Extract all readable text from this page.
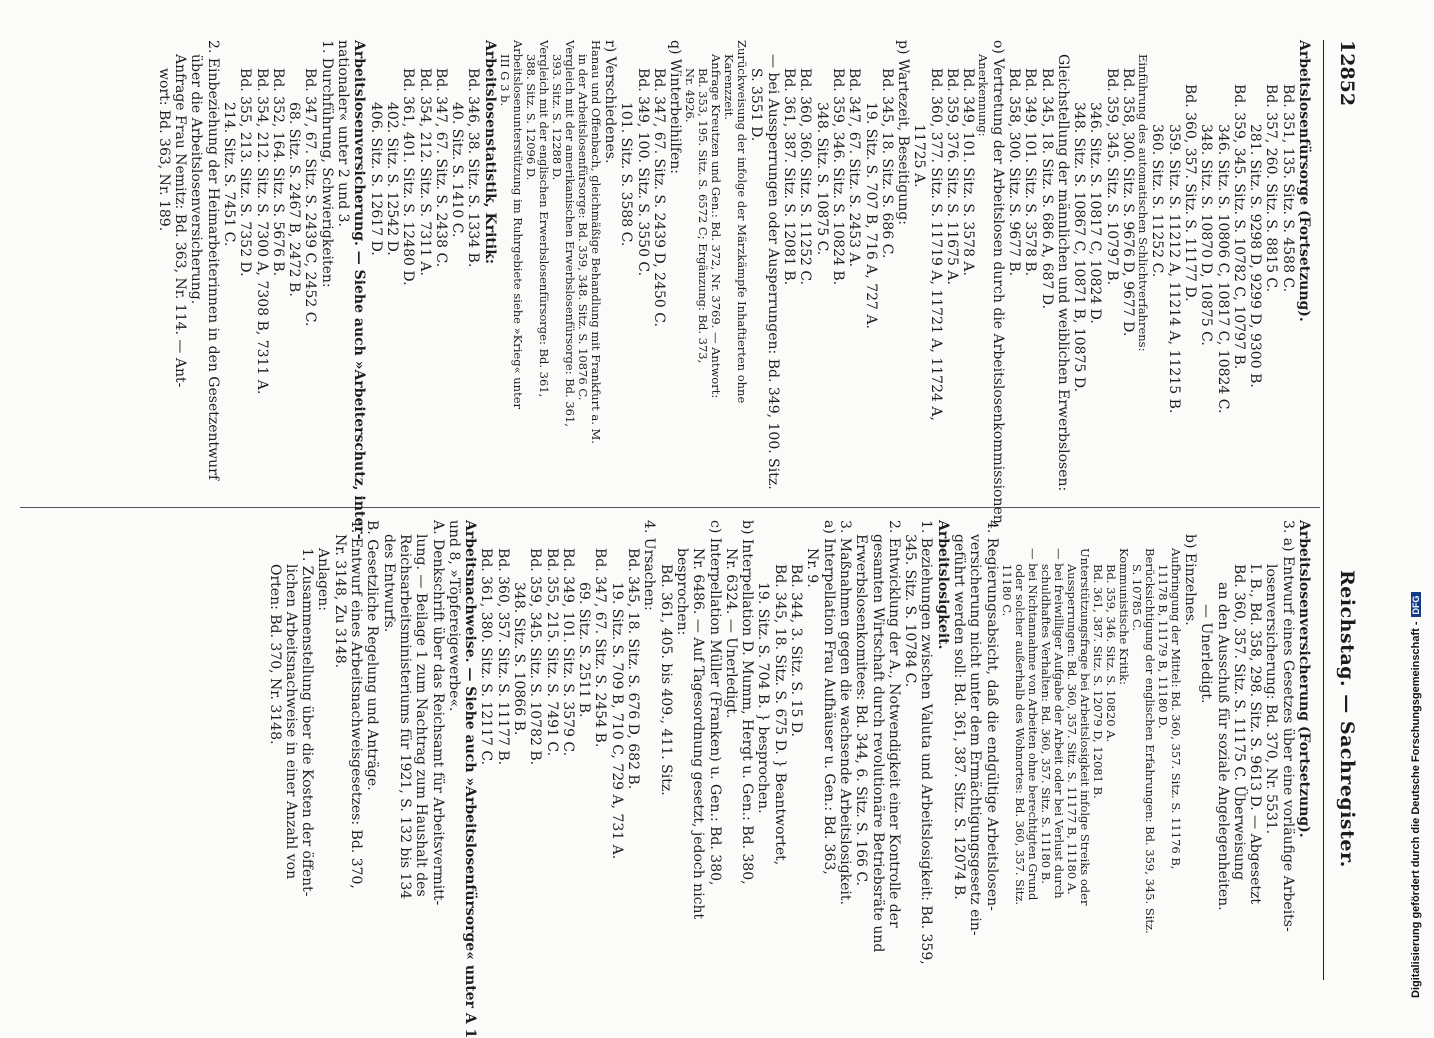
12852
Reichstag. — Sachregister.
Arbeitslosenfürsorge (Fortsetzung).
Bd. 351, 135. Sitz. S. 4588 C.
Bd. 357, 260. Sitz. S. 8815 C.
281. Sitz. S. 9298 D, 9299 D, 9300 B.
Bd. 359, 345. Sitz. S. 10782 C, 10797 B.
346. Sitz. S. 10806 C, 10817 C, 10824 C.
348. Sitz. S. 10870 D, 10875 C.
Bd. 360, 357. Sitz. S. 11177 D.
359. Sitz. S. 11212 A, 11214 A, 11215 B.
360. Sitz. S. 11252 C.
Einführung des automatischen Schlichtverfahrens:
Bd. 358, 300. Sitz. S. 9676 D, 9677 D.
Bd. 359, 345. Sitz. S. 10797 B.
346. Sitz. S. 10817 C, 10824 D.
348. Sitz. S. 10867 C, 10871 B, 10875 D.
Gleichstellung der männlichen und weiblichen Erwerbslosen:
Bd. 345, 18. Sitz. S. 686 A, 687 D.
Bd. 349, 101. Sitz. S. 3578 B.
Bd. 358, 300. Sitz. S. 9677 B.
o) Vertretung der Arbeitslosen durch die Arbeitslosenkommissionen,
Anerkennung:
Bd. 349, 101. Sitz. S. 3578 A.
Bd. 359, 376. Sitz. S. 11675 A.
Bd. 360, 377. Sitz. S. 11719 A, 11721 A, 11724 A,
11725 A.
p) Wartezeit, Beseitigung:
Bd. 345, 18. Sitz. S. 686 C.
19. Sitz. S. 707 B, 716 A, 727 A.
Bd. 347, 67. Sitz. S. 2453 A.
Bd. 359, 346. Sitz. S. 10824 B.
348. Sitz. S. 10875 C.
Bd. 360, 360. Sitz. S. 11252 C.
Bd. 361, 387. Sitz. S. 12081 B.
— bei Aussperrungen oder Ausperrungen: Bd. 349, 100. Sitz.
S. 3551 D.
Zurückweisung der infolge der Märzkämpfe Inhaftierten ohne
Karenzzeit.
Anfrage Kreutzen und Gen.: Bd. 372, Nr. 3769. — Antwort:
Bd. 353, 195. Sitz. S. 6572 C; Ergänzung: Bd. 373,
Nr. 4926.
q) Winterbeihilfen:
Bd. 347, 67. Sitz. S. 2439 D, 2450 C.
Bd. 349, 100. Sitz. S. 3550 C.
101. Sitz. S. 3588 C.
r) Verschiedenes.
Hanau und Offenbach, gleichmäßige Behandlung mit Frankfurt a. M.
in der Arbeitslosenfürsorge: Bd. 359, 348. Sitz. S. 10876 C.
Vergleich mit der amerikanischen Erwerbslosenfürsorge: Bd. 361,
393. Sitz. S. 12288 D.
Vergleich mit der englischen Erwerbslosenfürsorge: Bd. 361,
388. Sitz. S. 12096 D.
Arbeitslosenunterstützung im Ruhrgebiete siehe »Krieg« unter
III G 3 b.
Arbeitslosenstatistik, Kritik:
Bd. 346, 38. Sitz. S. 1334 B.
40. Sitz. S. 1410 C.
Bd. 347, 67. Sitz. S. 2438 C.
Bd. 354, 212. Sitz. S. 7311 A.
Bd. 361, 401. Sitz. S. 12480 D.
402. Sitz. S. 12542 D.
406. Sitz. S. 12617 D.
Arbeitslosenversicherung. — Siehe auch »Arbeiterschutz, inter-
nationaler« unter 2 und 3.
1. Durchführung, Schwierigkeiten:
Bd. 347, 67. Sitz. S. 2439 C, 2452 C.
68. Sitz. S. 2467 B, 2472 B.
Bd. 352, 164. Sitz. S. 5676 B.
Bd. 354, 212. Sitz. S. 7300 A, 7308 B, 7311 A.
Bd. 355, 213. Sitz. S. 7352 D.
214. Sitz. S. 7451 C.
2. Einbeziehung der Heimarbeiterinnen in den Gesetzentwurf
über die Arbeitslosenversicherung.
Anfrage Frau Nemitz: Bd. 363, Nr. 114. — Ant-
wort: Bd. 363, Nr. 189.
Arbeitslosenversicherung (Fortsetzung).
3. a) Entwurf eines Gesetzes über eine vorläufige Arbeits-
losenversicherung: Bd. 370, Nr. 5531.
I. B., Bd. 358, 298. Sitz. S. 9613 D. — Abgesetzt
Bd. 360, 357. Sitz. S. 11175 C. Überweisung
an den Ausschuß für soziale Angelegenheiten.
— Unerledigt.
b) Einzelnes.
Aufbringung der Mittel: Bd. 360, 357. Sitz. S. 11176 B,
11178 B, 11179 B, 11180 D.
Berücksichtigung der englischen Erfahrungen: Bd. 359, 345. Sitz.
S. 10785 C.
Kommunistische Kritik:
Bd. 359, 346. Sitz. S. 10820 A.
Bd. 361, 387. Sitz. S. 12079 D, 12081 B.
Unterstützungsfrage bei Arbeitslosigkeit infolge Streiks oder
Aussperrungen: Bd. 360, 357. Sitz. S. 11177 B, 11180 A.
— bei freiwilliger Aufgabe der Arbeit oder bei Verlust durch
schuldhaftes Verhalten: Bd. 360, 357. Sitz. S. 11180 B.
— bei Nichtannahme von Arbeiten ohne berechtigten Grund
oder solcher außerhalb des Wohnortes: Bd. 360, 357. Sitz.
11180 C.
4. Regierungsabsicht, daß die endgültige Arbeitslosen-
versicherung nicht unter dem Ermächtigungsgesetz ein-
geführt werden soll: Bd. 361, 387. Sitz. S. 12074 B.
Arbeitslosigkeit.
1. Beziehungen zwischen Valuta und Arbeitslosigkeit: Bd. 359,
345. Sitz. S. 10784 C.
2. Entwicklung der A., Notwendigkeit einer Kontrolle der
gesamten Wirtschaft durch revolutionäre Betriebsräte und
Erwerbslosenkomitees: Bd. 344, 6. Sitz. S. 166 C.
3. Maßnahmen gegen die wachsende Arbeitslosigkeit.
a) Interpellation Frau Aufhäuser u. Gen.: Bd. 363,
Nr. 9.
Bd. 344, 3. Sitz. S. 15 D.
Bd. 345, 18. Sitz. S. 675 D. } Beantwortet,
19. Sitz. S. 704 B. } besprochen.
b) Interpellation D. Mumm, Hergt u. Gen.: Bd. 380,
Nr. 6324. — Unerledigt.
c) Interpellation Müller (Franken) u. Gen.: Bd. 380,
Nr. 6486. — Auf Tagesordnung gesetzt, jedoch nicht
besprochen:
Bd. 361, 405. bis 409., 411. Sitz.
4. Ursachen:
Bd. 345, 18. Sitz. S. 676 D, 682 B.
19. Sitz. S. 709 B, 710 C, 729 A, 731 A.
Bd. 347, 67. Sitz. S. 2454 B.
69. Sitz. S. 2511 B.
Bd. 349, 101. Sitz. S. 3579 C.
Bd. 355, 215. Sitz. S. 7491 C.
Bd. 359, 345. Sitz. S. 10782 B.
348. Sitz. S. 10866 B.
Bd. 360, 357. Sitz. S. 11177 B.
Bd. 361, 380. Sitz. S. 12117 C.
Arbeitsnachweise. — Siehe auch »Arbeitslosenfürsorge« unter A 1
und 8, »Töpfereigewerbe«.
A. Denkschrift über das Reichsamt für Arbeitsvermitt-
lung. — Beilage 1 zum Nachtrag zum Haushalt des
Reichsarbeitsministeriums für 1921, S. 132 bis 134
des Entwurfs.
B. Gesetzliche Regelung und Anträge.
1. Entwurf eines Arbeitsnachweisgesetzes: Bd. 370,
Nr. 3148, Zu 3148.
Anlagen:
1. Zusammenstellung über die Kosten der öffent-
lichen Arbeitsnachweise in einer Anzahl von
Orten: Bd. 370, Nr. 3148.	Digitalisierung gefördert durch die Deutsche Forschungsgemeinschaft -DFG
